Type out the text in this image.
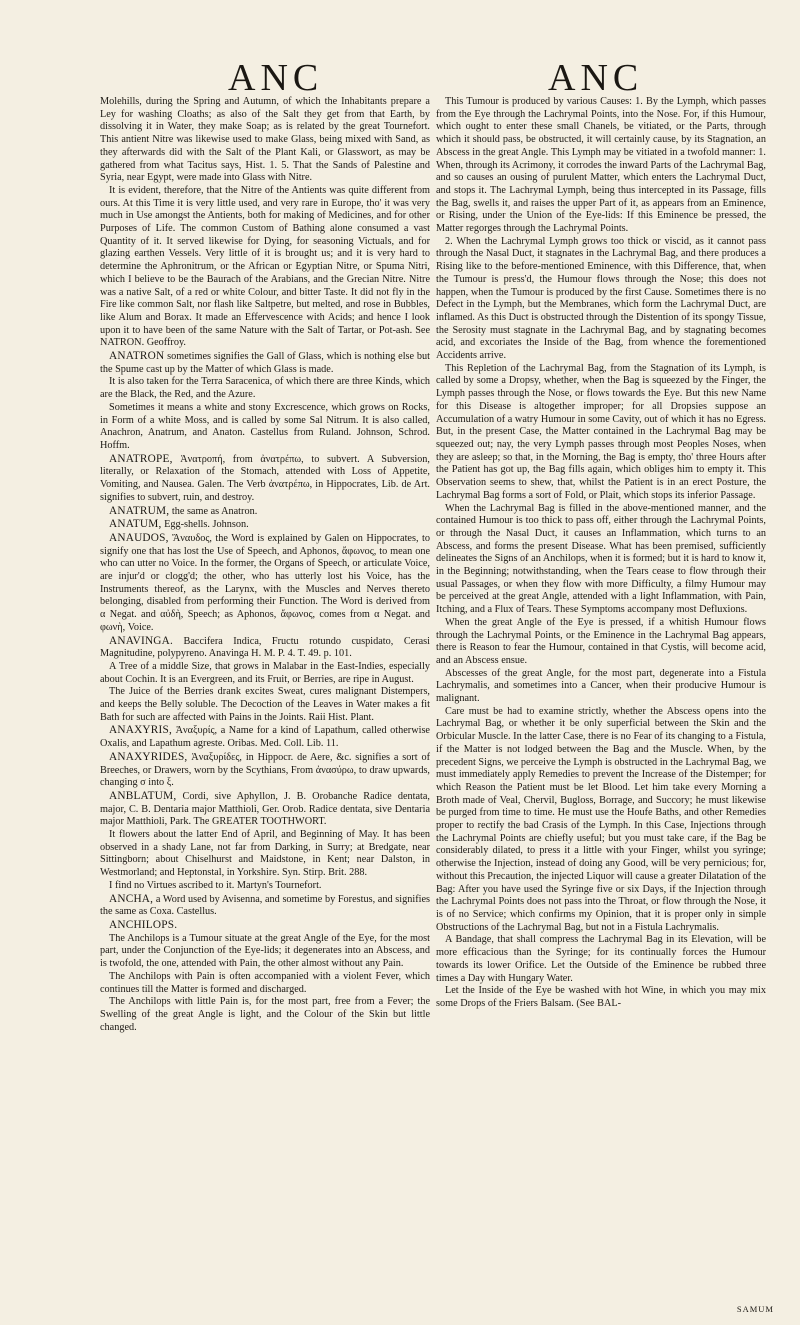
ANC	ANC

Molehills, during the Spring and Autumn, of which the Inhabitants prepare a Ley for washing Cloaths; as also of the Salt they get from that Earth, by dissolving it in Water, they make Soap; as is related by the great Tournefort. This antient Nitre was likewise used to make Glass, being mixed with Sand, as they afterwards did with the Salt of the Plant Kali, or Glasswort, as may be gathered from what Tacitus says, Hist. 1. 5. That the Sands of Palestine and Syria, near Egypt, were made into Glass with Nitre.

It is evident, therefore, that the Nitre of the Antients was quite different from ours. At this Time it is very little used, and very rare in Europe, tho' it was very much in Use amongst the Antients, both for making of Medicines, and for other Purposes of Life. The common Custom of Bathing alone consumed a vast Quantity of it. It served likewise for Dying, for seasoning Victuals, and for glazing earthen Vessels. Very little of it is brought us; and it is very hard to determine the Aphronitrum, or the African or Egyptian Nitre, or Spuma Nitri, which I believe to be the Baurach of the Arabians, and the Grecian Nitre. Nitre was a native Salt, of a red or white Colour, and bitter Taste. It did not fly in the Fire like common Salt, nor flash like Saltpetre, but melted, and rose in Bubbles, like Alum and Borax. It made an Effervescence with Acids; and hence I look upon it to have been of the same Nature with the Salt of Tartar, or Pot-ash. See NATRON. Geoffroy.

ANATRON sometimes signifies the Gall of Glass, which is nothing else but the Spume cast up by the Matter of which Glass is made.

It is also taken for the Terra Saracenica, of which there are three Kinds, which are the Black, the Red, and the Azure.

Sometimes it means a white and stony Excrescence, which grows on Rocks, in Form of a white Moss, and is called by some Sal Nitrum. It is also called, Anachron, Anatrum, and Anaton. Castellus from Ruland. Johnson, Schrod. Hoffm.

ANATROPE, Ἀνατροπή, from ἀνατρέπω, to subvert. A Subversion, literally, or Relaxation of the Stomach, attended with Loss of Appetite, Vomiting, and Nausea. Galen. The Verb ἀνατρέπω, in Hippocrates, Lib. de Art. signifies to subvert, ruin, and destroy.

ANATRUM, the same as Anatron.

ANATUM, Egg-shells. Johnson.

ANAUDOS, Ἄναυδος, the Word is explained by Galen on Hippocrates, to signify one that has lost the Use of Speech, and Aphonos, ἄφωνος, to mean one who can utter no Voice. In the former, the Organs of Speech, or articulate Voice, are injur'd or clogg'd; the other, who has utterly lost his Voice, has the Instruments thereof, as the Larynx, with the Muscles and Nerves thereto belonging, disabled from performing their Function. The Word is derived from α Negat. and αὐδὴ, Speech; as Aphonos, ἄφωνος, comes from α Negat. and φωνὴ, Voice.

ANAVINGA. Baccifera Indica, Fructu rotundo cuspidato, Cerasi Magnitudine, polypyreno. Anavinga H. M. P. 4. T. 49. p. 101.

A Tree of a middle Size, that grows in Malabar in the East-Indies, especially about Cochin. It is an Evergreen, and its Fruit, or Berries, are ripe in August.

The Juice of the Berries drank excites Sweat, cures malignant Distempers, and keeps the Belly soluble. The Decoction of the Leaves in Water makes a fit Bath for such are affected with Pains in the Joints. Raii Hist. Plant.

ANAXYRIS, Ἀναξυρίς, a Name for a kind of Lapathum, called otherwise Oxalis, and Lapathum agreste. Oribas. Med. Coll. Lib. 11.

ANAXYRIDES, Ἀναξυρίδες, in Hippocr. de Aere, &c. signifies a sort of Breeches, or Drawers, worn by the Scythians, From ἀνασύρω, to draw upwards, changing σ into ξ.

ANBLATUM, Cordi, sive Aphyllon, J. B. Orobanche Radice dentata, major, C. B. Dentaria major Matthioli, Ger. Orob. Radice dentata, sive Dentaria major Matthioli, Park. The GREATER TOOTHWORT.

It flowers about the latter End of April, and Beginning of May. It has been observed in a shady Lane, not far from Darking, in Surry; at Bredgate, near Sittingborn; about Chiselhurst and Maidstone, in Kent; near Dalston, in Westmorland; and Heptonstal, in Yorkshire. Syn. Stirp. Brit. 288.

I find no Virtues ascribed to it. Martyn's Tournefort.

ANCHA, a Word used by Avisenna, and sometime by Forestus, and signifies the same as Coxa. Castellus.

ANCHILOPS.

The Anchilops is a Tumour situate at the great Angle of the Eye, for the most part, under the Conjunction of the Eye-lids; it degenerates into an Abscess, and is twofold, the one, attended with Pain, the other almost without any Pain.

The Anchilops with Pain is often accompanied with a violent Fever, which continues till the Matter is formed and discharged.

The Anchilops with little Pain is, for the most part, free from a Fever; the Swelling of the great Angle is light, and the Colour of the Skin but little changed.

This Tumour is produced by various Causes: 1. By the Lymph, which passes from the Eye through the Lachrymal Points, into the Nose. For, if this Humour, which ought to enter these small Chanels, be vitiated, or the Parts, through which it should pass, be obstructed, it will certainly cause, by its Stagnation, an Abscess in the great Angle. This Lymph may be vitiated in a twofold manner: 1. When, through its Acrimony, it corrodes the inward Parts of the Lachrymal Bag, and so causes an ousing of purulent Matter, which enters the Lachrymal Duct, and stops it. The Lachrymal Lymph, being thus intercepted in its Passage, fills the Bag, swells it, and raises the upper Part of it, as appears from an Eminence, or Rising, under the Union of the Eye-lids: If this Eminence be pressed, the Matter regorges through the Lachrymal Points.

2. When the Lachrymal Lymph grows too thick or viscid, as it cannot pass through the Nasal Duct, it stagnates in the Lachrymal Bag, and there produces a Rising like to the before-mentioned Eminence, with this Difference, that, when the Tumour is press'd, the Humour flows through the Nose; this does not happen, when the Tumour is produced by the first Cause. Sometimes there is no Defect in the Lymph, but the Membranes, which form the Lachrymal Duct, are inflamed. As this Duct is obstructed through the Distention of its spongy Tissue, the Serosity must stagnate in the Lachrymal Bag, and by stagnating becomes acid, and excoriates the Inside of the Bag, from whence the forementioned Accidents arrive.

This Repletion of the Lachrymal Bag, from the Stagnation of its Lymph, is called by some a Dropsy, whether, when the Bag is squeezed by the Finger, the Lymph passes through the Nose, or flows towards the Eye. But this new Name for this Disease is altogether improper; for all Dropsies suppose an Accumulation of a watry Humour in some Cavity, out of which it has no Egress. But, in the present Case, the Matter contained in the Lachrymal Bag may be squeezed out; nay, the very Lymph passes through most Peoples Noses, when they are asleep; so that, in the Morning, the Bag is empty, tho' three Hours after the Patient has got up, the Bag fills again, which obliges him to empty it. This Observation seems to shew, that, whilst the Patient is in an erect Posture, the Lachrymal Bag forms a sort of Fold, or Plait, which stops its inferior Passage.

When the Lachrymal Bag is filled in the above-mentioned manner, and the contained Humour is too thick to pass off, either through the Lachrymal Points, or through the Nasal Duct, it causes an Inflammation, which turns to an Abscess, and forms the present Disease. What has been premised, sufficiently delineates the Signs of an Anchilops, when it is formed; but it is hard to know it, in the Beginning; notwithstanding, when the Tears cease to flow through their usual Passages, or when they flow with more Difficulty, a filmy Humour may be perceived at the great Angle, attended with a light Inflammation, with Pain, Itching, and a Flux of Tears. These Symptoms accompany most Defluxions.

When the great Angle of the Eye is pressed, if a whitish Humour flows through the Lachrymal Points, or the Eminence in the Lachrymal Bag appears, there is Reason to fear the Humour, contained in that Cystis, will become acid, and an Abscess ensue.

Abscesses of the great Angle, for the most part, degenerate into a Fistula Lachrymalis, and sometimes into a Cancer, when their producive Humour is malignant.

Care must be had to examine strictly, whether the Abscess opens into the Lachrymal Bag, or whether it be only superficial between the Skin and the Orbicular Muscle. In the latter Case, there is no Fear of its changing to a Fistula, if the Matter is not lodged between the Bag and the Muscle. When, by the precedent Signs, we perceive the Lymph is obstructed in the Lachrymal Bag, we must immediately apply Remedies to prevent the Increase of the Distemper; for which Reason the Patient must be let Blood. Let him take every Morning a Broth made of Veal, Chervil, Bugloss, Borrage, and Succory; he must likewise be purged from time to time. He must use the Houfe Baths, and other Remedies proper to rectify the bad Crasis of the Lymph. In this Case, Injections through the Lachrymal Points are chiefly useful; but you must take care, if the Bag be considerably dilated, to press it a little with your Finger, whilst you syringe; otherwise the Injection, instead of doing any Good, will be very pernicious; for, without this Precaution, the injected Liquor will cause a greater Dilatation of the Bag: After you have used the Syringe five or six Days, if the Injection through the Lachrymal Points does not pass into the Throat, or flow through the Nose, it is of no Service; which confirms my Opinion, that it is proper only in simple Obstructions of the Lachrymal Bag, but not in a Fistula Lachrymalis.

A Bandage, that shall compress the Lachrymal Bag in its Elevation, will be more efficacious than the Syringe; for its continually forces the Humour towards its lower Orifice. Let the Outside of the Eminence be rubbed three times a Day with Hungary Water.

Let the Inside of the Eye be washed with hot Wine, in which you may mix some Drops of the Friers Balsam. (See BAL-

SAMUM
